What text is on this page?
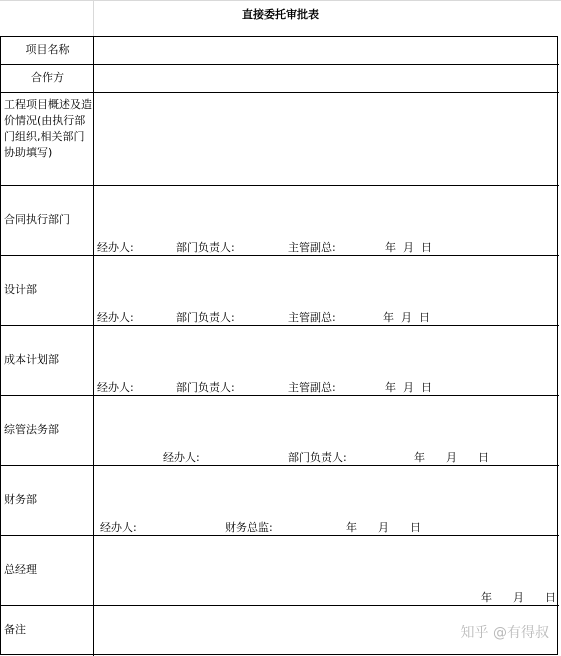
直接委托审批表
项目名称
合作方
工程项目概述及造价情况(由执行部门组织,相关部门协助填写)
合同执行部门
经办人:	部门负责人:	主管副总:	年  月  日
设计部
经办人:	部门负责人:	主管副总:	年  月  日
成本计划部
经办人:	部门负责人:	主管副总:	年  月  日
综管法务部
经办人:	部门负责人:	年      月      日
财务部
经办人:	财务总监:	年      月      日
总经理
年      月      日
备注	知乎 @有得叔
